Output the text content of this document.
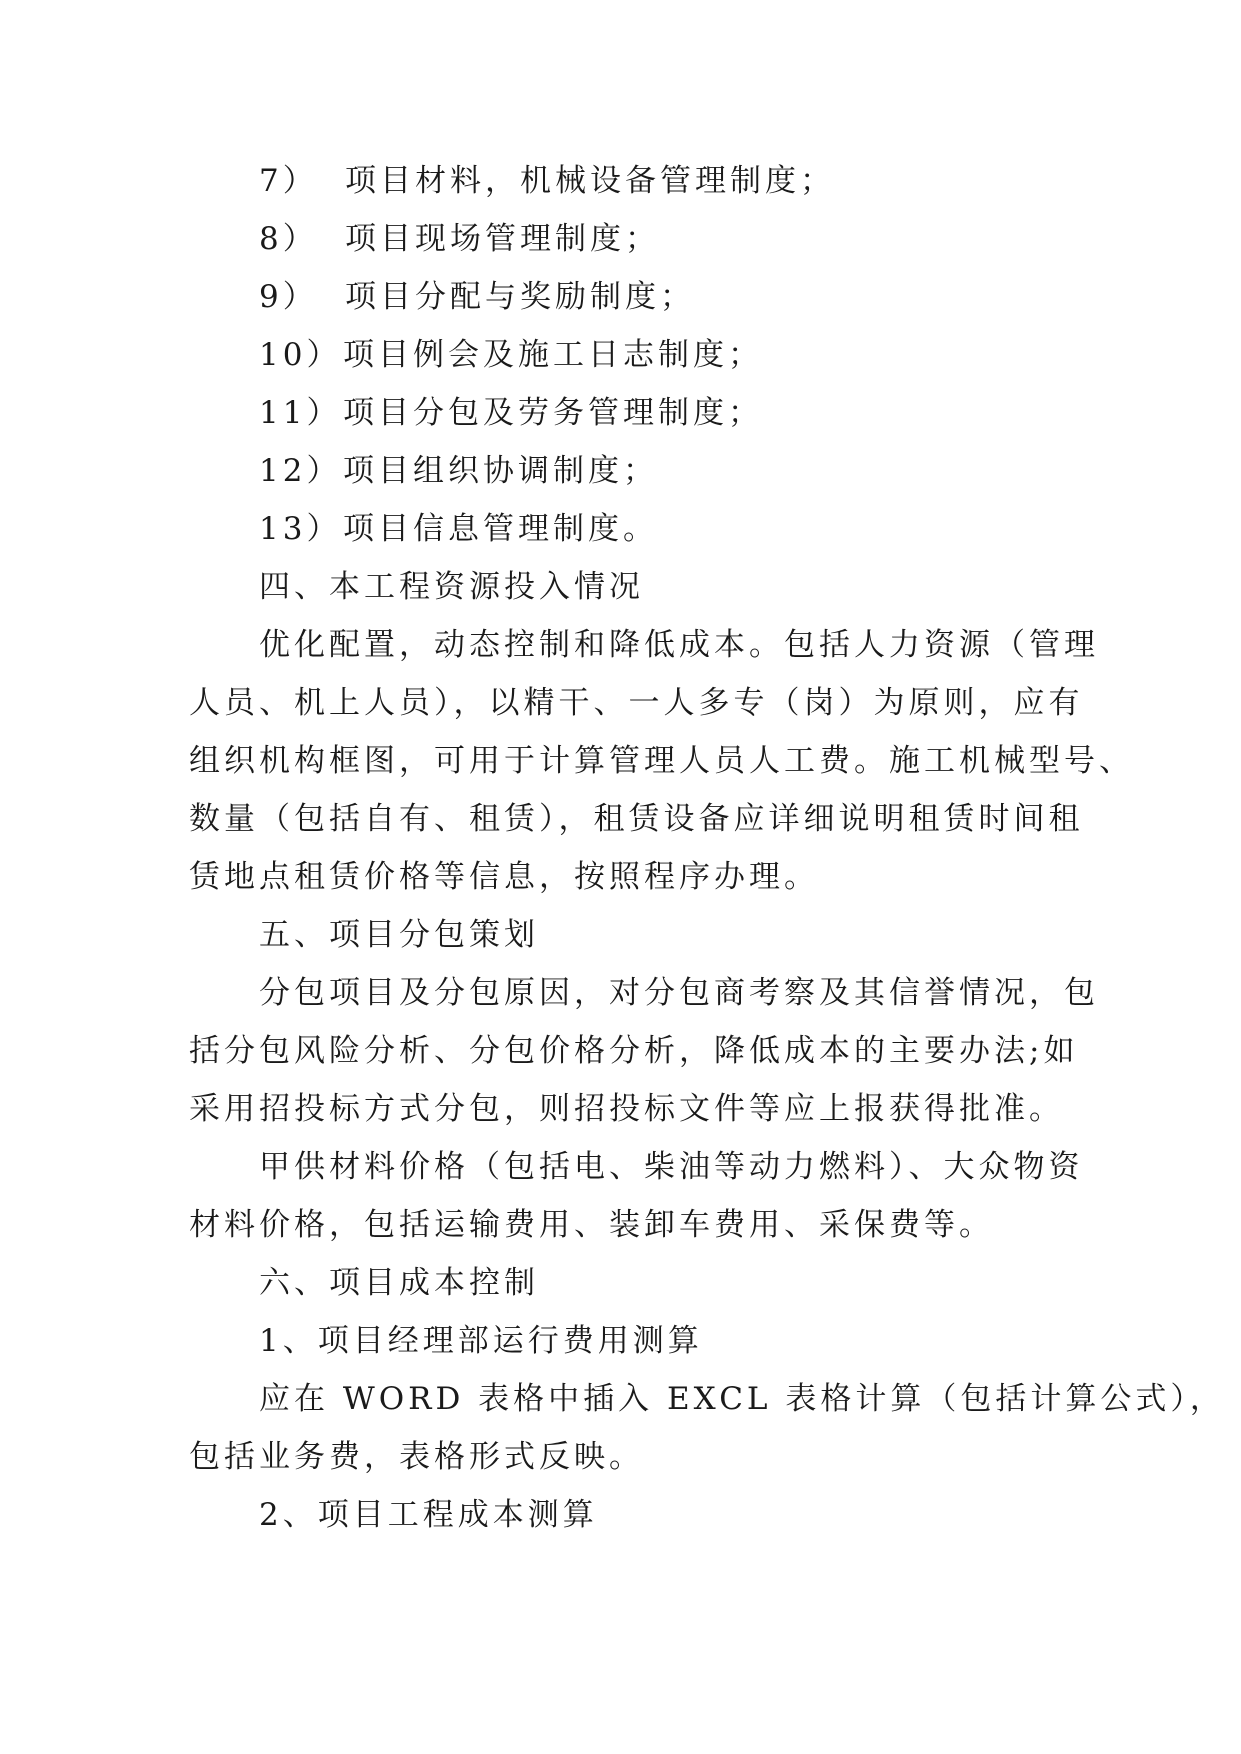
7） 项目材料，机械设备管理制度；

8） 项目现场管理制度；

9） 项目分配与奖励制度；

10）项目例会及施工日志制度；

11）项目分包及劳务管理制度；

12）项目组织协调制度；

13）项目信息管理制度。

四、本工程资源投入情况

优化配置，动态控制和降低成本。包括人力资源（管理

人员、机上人员），以精干、一人多专（岗）为原则，应有

组织机构框图，可用于计算管理人员人工费。施工机械型号、

数量（包括自有、租赁），租赁设备应详细说明租赁时间租

赁地点租赁价格等信息，按照程序办理。

五、项目分包策划

分包项目及分包原因，对分包商考察及其信誉情况，包

括分包风险分析、分包价格分析，降低成本的主要办法;如

采用招投标方式分包，则招投标文件等应上报获得批准。

甲供材料价格（包括电、柴油等动力燃料）、大众物资

材料价格，包括运输费用、装卸车费用、采保费等。

六、项目成本控制

1、项目经理部运行费用测算

应在 WORD 表格中插入 EXCL 表格计算（包括计算公式），

包括业务费，表格形式反映。

2、项目工程成本测算
